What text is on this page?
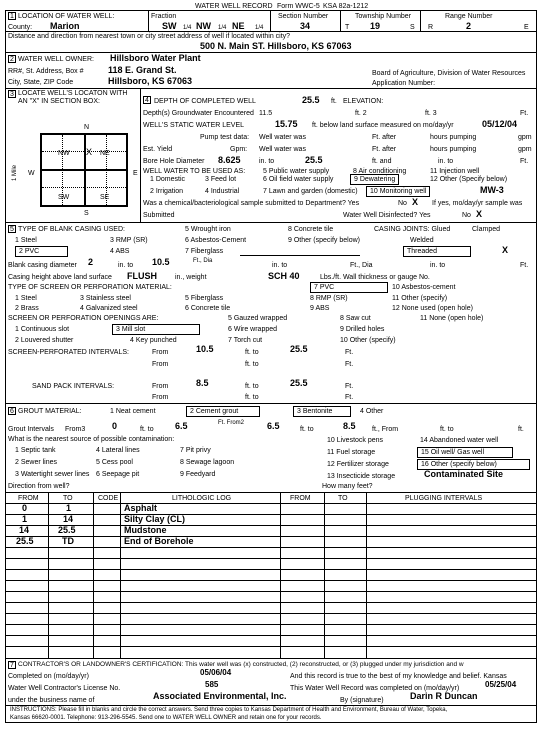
WATER WELL RECORD Form WWC-5 KSA 82a-1212
1 LOCATION OF WATER WELL:
County: Marion
Fraction
SW 1/4 NW 1/4 NE 1/4
Section Number
34
Township Number
T 19	S
Range Number
R	2	E
Distance and direction from nearest town or city street address of well if located within city?
500 N. Main ST. Hillsboro, KS 67063
2 WATER WELL OWNER: Hillsboro Water Plant
RR#, St. Address, Box #	118 E. Grand St.
City, State, ZIP Code	Hillsboro, KS 67063
Board of Agriculture, Division of Water Resources
Application Number:
3 LOCATE WELL'S LOCATON WITH
AN "X" IN SECTION BOX:
N
S
W	E
1 Mile
NW	NE
SW	SE
X
4 DEPTH OF COMPLETED WELL	25.5 ft. ELEVATION:
Depth(s) Groundwater Encountered 11.5	ft. 2	ft. 3	Ft.
WELL'S STATIC WATER LEVEL	15.75 ft. below land surface measured on mo/day/yr	05/12/04
Pump test data: Well water was	Ft. after	hours pumping	gpm
Est. Yield	Gpm: Well water was	Ft. after	hours pumping	gpm
Bore Hole Diameter 8.625	in. to	25.5	ft. and	in. to	Ft.
WELL WATER TO BE USED AS:
1 Domestic	3 Feed lot
5 Public water supply	8 Air conditioning	11 Injection well
6 Oil field water supply	9 Dewatering	12 Other (Specify below)
2 Irrigation	4 Industrial	7 Lawn and garden (domestic)	10 Monitoring well	MW-3
Was a chemical/bacteriological sample submitted to Department? Yes	No X If yes, mo/day/yr sample was
Submitted	Water Well Disinfected? Yes	No X
5 TYPE OF BLANK CASING USED:	5 Wrought iron	8 Concrete tile	CASING JOINTS: Glued	Clamped
1 Steel	3 RMP (SR)	6 Asbestos-Cement	9 Other (specify below)	Welded
2 PVC	4 ABS	7 Fiberglass	Threaded	X
Blank casing diameter 2	in. to 10.5	Ft., Dia
in. to	Ft., Dia	in. to	Ft.
Casing height above land surface FLUSH	in., weight	SCH 40	Lbs./ft. Wall thickness or gauge No.
TYPE OF SCREEN OR PERFORATION MATERIAL:	7 PVC	10 Asbestos-cement
1 Steel	3 Stainless steel	5 Fiberglass	8 RMP (SR)	11 Other (specify)
2 Brass	4 Galvanized steel	6 Concrete tile	9 ABS	12 None used (open hole)
SCREEN OR PERFORATION OPENINGS ARE:	5 Gauzed wrapped	8 Saw cut	11 None (open hole)
1 Continuous slot	3 Mill slot	6 Wire wrapped	9 Drilled holes
2 Louvered shutter	4 Key punched	7 Torch cut	10 Other (specify)
SCREEN-PERFORATED INTERVALS:	From	10.5	ft. to	25.5	Ft.
From	ft. to	Ft.
SAND PACK INTERVALS:	From	8.5	ft. to	25.5	Ft.
From	ft. to	Ft.
6 GROUT MATERIAL:	1 Neat cement	2 Cement grout	3 Bentonite	4 Other
Grout Intervals From3	0	ft. to 6.5	Ft. From2	6.5	ft. to	8.5 ft., From	ft. to	ft.
What is the nearest source of possible contamination:
1 Septic tank	4 Lateral lines	7 Pit privy
10 Livestock pens	14 Abandoned water well
2 Sewer lines	5 Cess pool	8 Sewage lagoon
11 Fuel storage	15 Oil well/ Gas well
3 Watertight sewer lines 6 Seepage pit	9 Feedyard
12 Fertilizer storage	16 Other (specify below)
13 Insecticide storage	Contaminated Site
Direction from well?	How many feet?
FROM	TO	CODE	LITHOLOGIC LOG	FROM	TO	PLUGGING INTERVALS
0	1	Asphalt
1	14	Silty Clay (CL)
14	25.5	Mudstone
25.5	TD	End of Borehole
7 CONTRACTOR'S OR LANDOWNER'S CERTIFICATION: This water well was (x) constructed, (2) reconstructed, or (3) plugged under my jurisdiction and w
Completed on (mo/day/yr)	05/06/04	And this record is true to the best of my knowledge and belief. Kansas
Water Well Contractor's License No.	585	This Water Well Record was completed on (mo/day/yr)	05/25/04
under the business name of	Associated Environmental, Inc.	By (signature)	Darin R Duncan
INSTRUCTIONS: Please fill in blanks and circle the correct answers. Send three copies to Kansas Department of Health and Environment, Bureau of Water, Topeka,
Kansas 66620-0001. Telephone: 913-296-5545. Send one to WATER WELL OWNER and retain one for your records.
